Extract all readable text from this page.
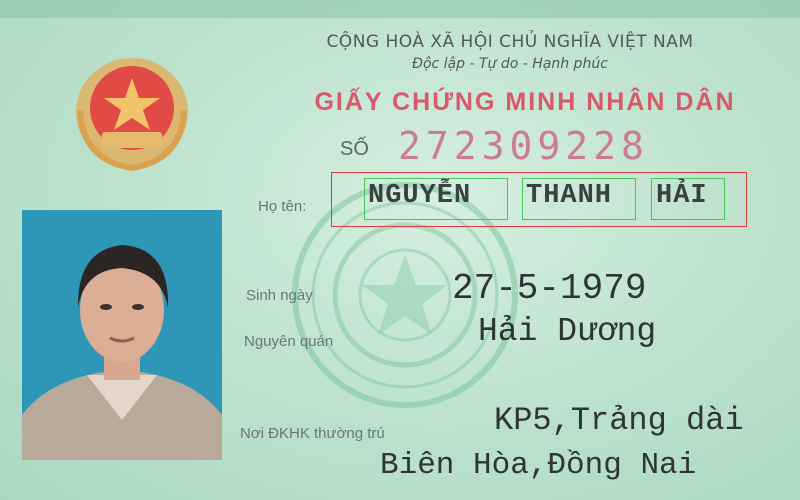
CỘNG HOÀ XÃ HỘI CHỦ NGHĨA VIỆT NAM
Độc lập - Tự do - Hạnh phúc
GIẤY CHỨNG MINH NHÂN DÂN
SỐ 272309228
Họ tên: NGUYỄN THANH HẢI
Sinh ngày	27-5-1979
Nguyên quán	Hải Dương
Nơi ĐKHK thường trú	KP5,Trảng dài
Biên Hòa,Đồng Nai
